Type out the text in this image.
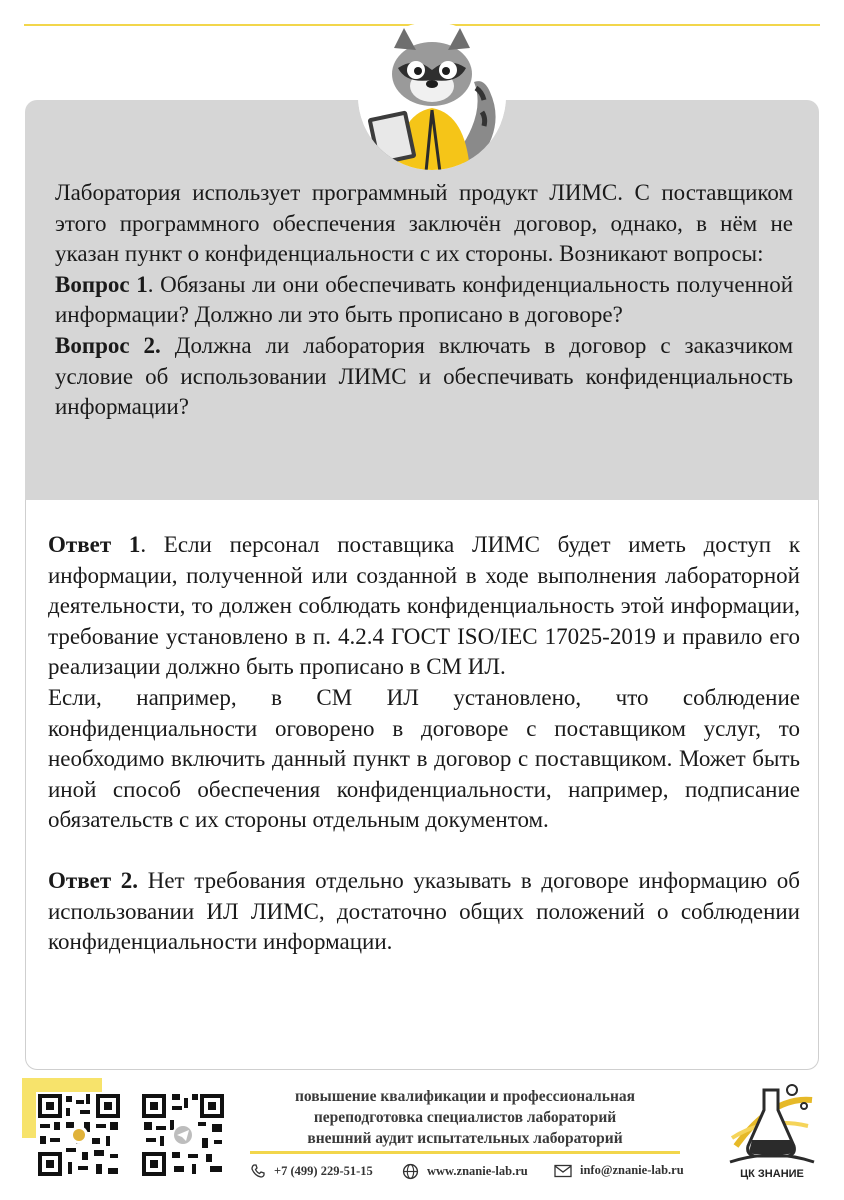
Лаборатория использует программный продукт ЛИМС. С поставщиком этого программного обеспечения заключён договор, однако, в нём не указан пункт о конфиденциальности с их стороны. Возникают вопросы:

Вопрос 1. Обязаны ли они обеспечивать конфиденциальность полученной информации? Должно ли это быть прописано в договоре?

Вопрос 2. Должна ли лаборатория включать в договор с заказчиком условие об использовании ЛИМС и обеспечивать конфиденциальность информации?

Ответ 1. Если персонал поставщика ЛИМС будет иметь доступ к информации, полученной или созданной в ходе выполнения лабораторной деятельности, то должен соблюдать конфиденциальность этой информации, требование установлено в п. 4.2.4 ГОСТ ISO/IEC 17025-2019 и правило его реализации должно быть прописано в СМ ИЛ.

Если, например, в СМ ИЛ установлено, что соблюдение конфиденциальности оговорено в договоре с поставщиком услуг, то необходимо включить данный пункт в договор с поставщиком. Может быть иной способ обеспечения конфиденциальности, например, подписание обязательств с их стороны отдельным документом.

Ответ 2. Нет требования отдельно указывать в договоре информацию об использовании ИЛ ЛИМС, достаточно общих положений о соблюдении конфиденциальности информации.

повышение квалификации и профессиональная
переподготовка специалистов лабораторий
внешний аудит испытательных лабораторий
+7 (499) 229-51-15	www.znanie-lab.ru	info@znanie-lab.ru	ЦК ЗНАНИЕ
